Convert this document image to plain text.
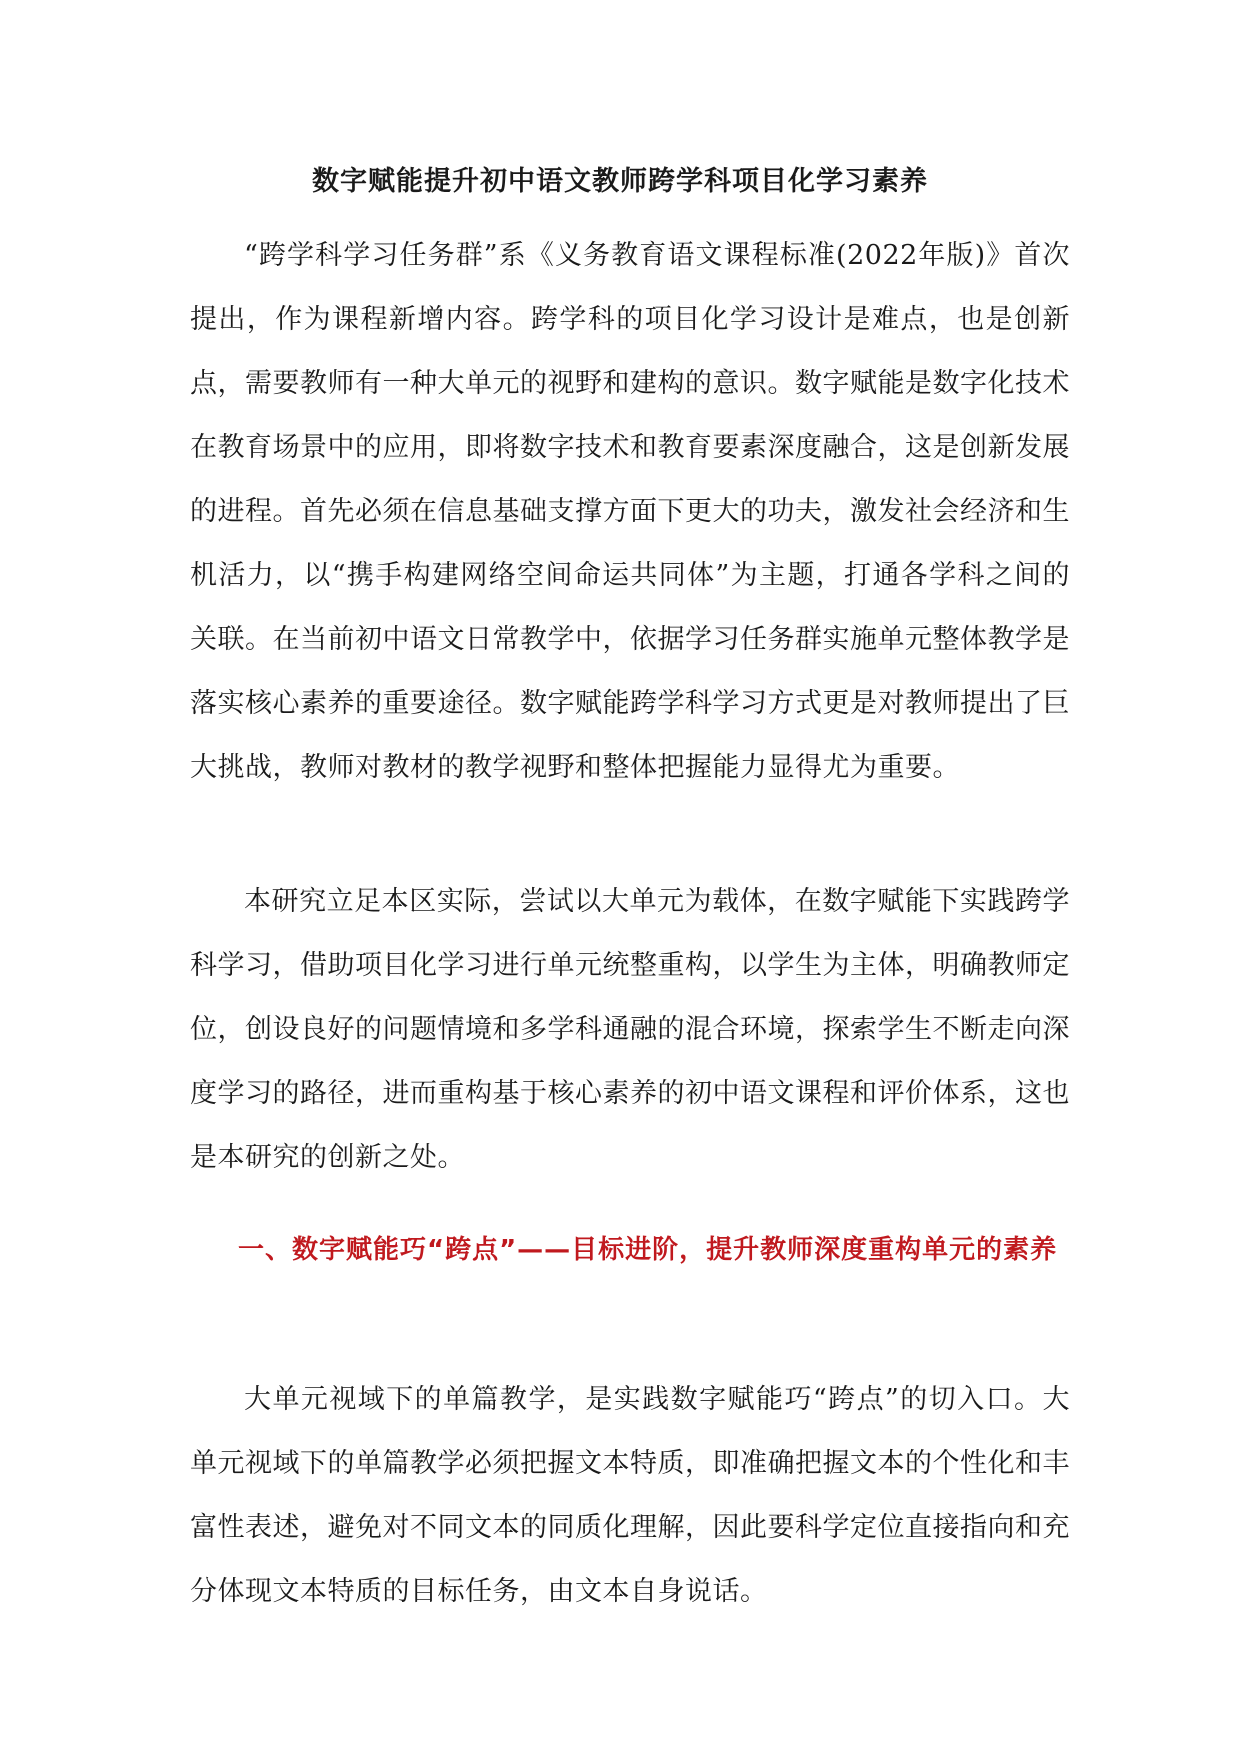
数字赋能提升初中语文教师跨学科项目化学习素养

“跨学科学习任务群”系《义务教育语文课程标准(2022年版)》首次提出，作为课程新增内容。跨学科的项目化学习设计是难点，也是创新点，需要教师有一种大单元的视野和建构的意识。数字赋能是数字化技术在教育场景中的应用，即将数字技术和教育要素深度融合，这是创新发展的进程。首先必须在信息基础支撑方面下更大的功夫，激发社会经济和生机活力，以“携手构建网络空间命运共同体”为主题，打通各学科之间的关联。在当前初中语文日常教学中，依据学习任务群实施单元整体教学是落实核心素养的重要途径。数字赋能跨学科学习方式更是对教师提出了巨大挑战，教师对教材的教学视野和整体把握能力显得尤为重要。

本研究立足本区实际，尝试以大单元为载体，在数字赋能下实践跨学科学习，借助项目化学习进行单元统整重构，以学生为主体，明确教师定位，创设良好的问题情境和多学科通融的混合环境，探索学生不断走向深度学习的路径，进而重构基于核心素养的初中语文课程和评价体系，这也是本研究的创新之处。

一、数字赋能巧“跨点”——目标进阶，提升教师深度重构单元的素养

大单元视域下的单篇教学，是实践数字赋能巧“跨点”的切入口。大单元视域下的单篇教学必须把握文本特质，即准确把握文本的个性化和丰富性表述，避免对不同文本的同质化理解，因此要科学定位直接指向和充分体现文本特质的目标任务，由文本自身说话。
